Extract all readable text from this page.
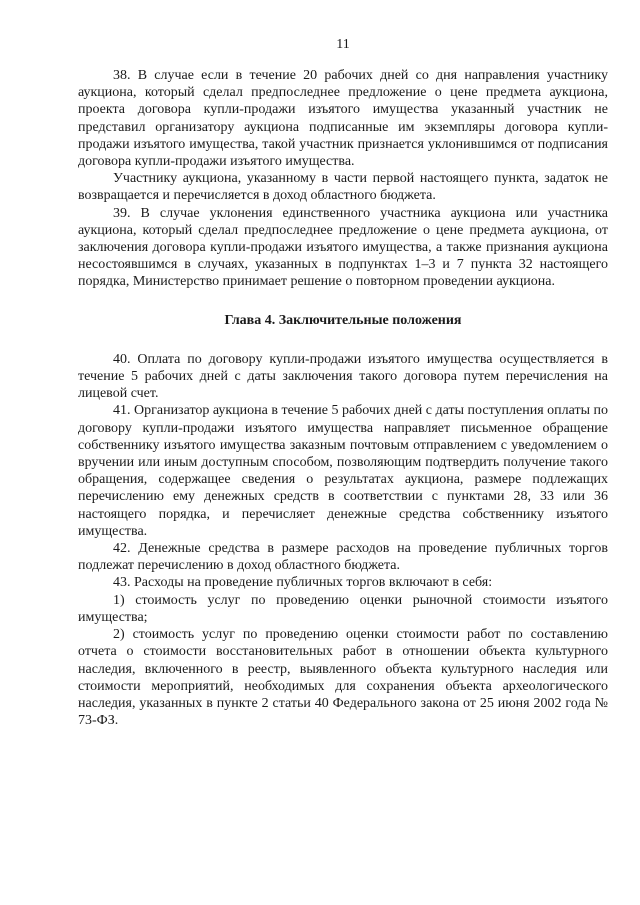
11

38. В случае если в течение 20 рабочих дней со дня направления участнику аукциона, который сделал предпоследнее предложение о цене предмета аукциона, проекта договора купли-продажи изъятого имущества указанный участник не представил организатору аукциона подписанные им экземпляры договора купли-продажи изъятого имущества, такой участник признается уклонившимся от подписания договора купли-продажи изъятого имущества.

Участнику аукциона, указанному в части первой настоящего пункта, задаток не возвращается и перечисляется в доход областного бюджета.

39. В случае уклонения единственного участника аукциона или участника аукциона, который сделал предпоследнее предложение о цене предмета аукциона, от заключения договора купли-продажи изъятого имущества, а также признания аукциона несостоявшимся в случаях, указанных в подпунктах 1–3 и 7 пункта 32 настоящего порядка, Министерство принимает решение о повторном проведении аукциона.

Глава 4. Заключительные положения

40. Оплата по договору купли-продажи изъятого имущества осуществляется в течение 5 рабочих дней с даты заключения такого договора путем перечисления на лицевой счет.

41. Организатор аукциона в течение 5 рабочих дней с даты поступления оплаты по договору купли-продажи изъятого имущества направляет письменное обращение собственнику изъятого имущества заказным почтовым отправлением с уведомлением о вручении или иным доступным способом, позволяющим подтвердить получение такого обращения, содержащее сведения о результатах аукциона, размере подлежащих перечислению ему денежных средств в соответствии с пунктами 28, 33 или 36 настоящего порядка, и перечисляет денежные средства собственнику изъятого имущества.

42. Денежные средства в размере расходов на проведение публичных торгов подлежат перечислению в доход областного бюджета.

43. Расходы на проведение публичных торгов включают в себя:

1) стоимость услуг по проведению оценки рыночной стоимости изъятого имущества;

2) стоимость услуг по проведению оценки стоимости работ по составлению отчета о стоимости восстановительных работ в отношении объекта культурного наследия, включенного в реестр, выявленного объекта культурного наследия или стоимости мероприятий, необходимых для сохранения объекта археологического наследия, указанных в пункте 2 статьи 40 Федерального закона от 25 июня 2002 года № 73-ФЗ.
